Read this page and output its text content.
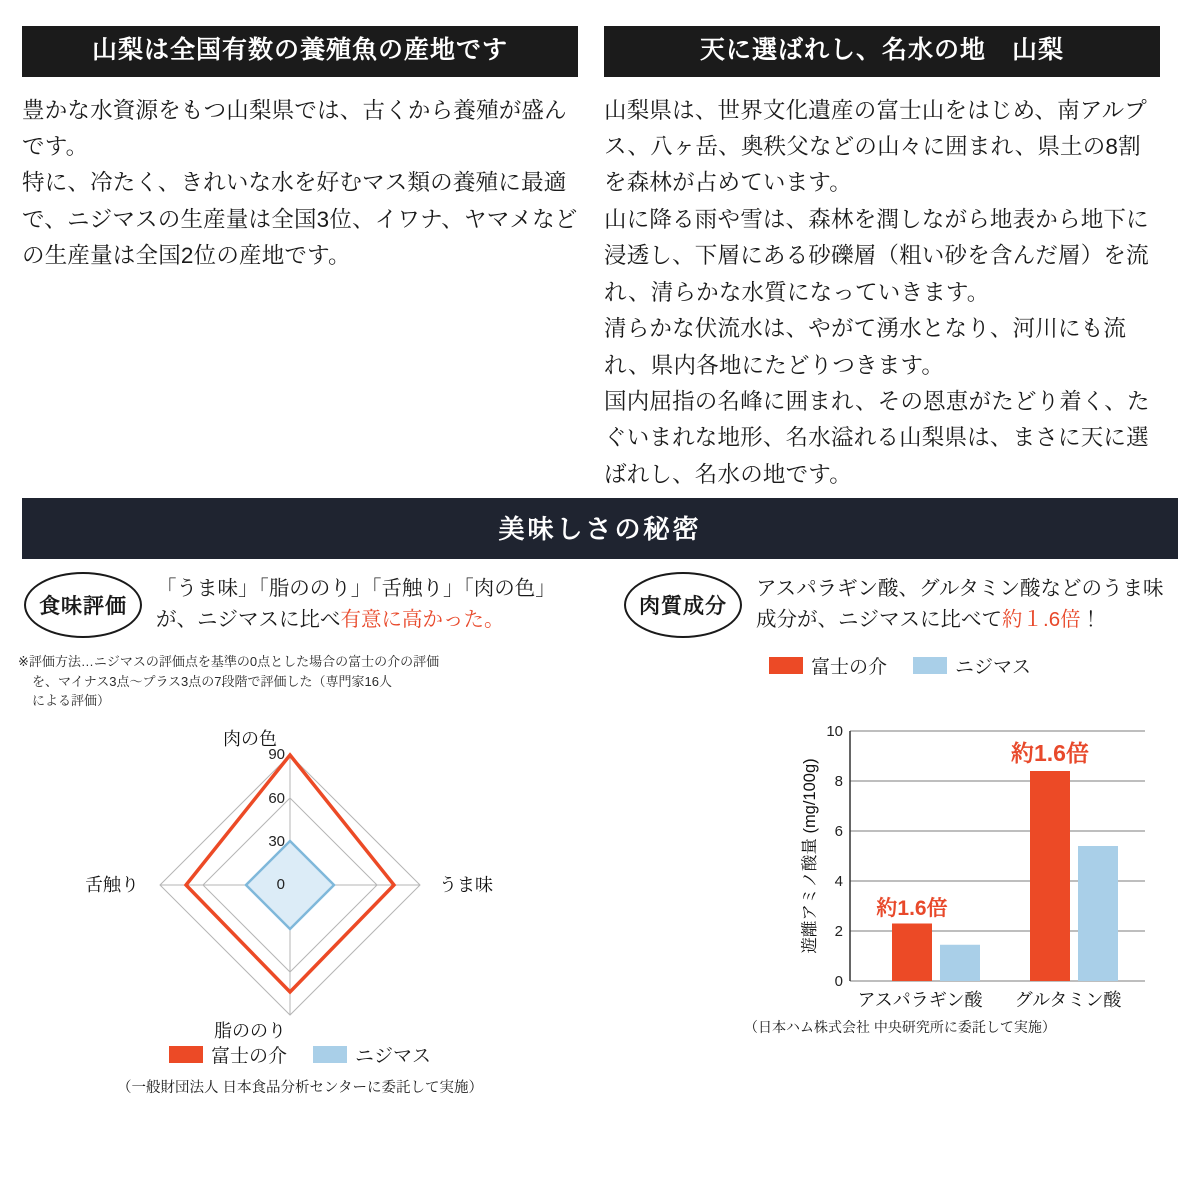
山梨は全国有数の養殖魚の産地です

豊かな水資源をもつ山梨県では、古くから養殖が盛んです。

特に、冷たく、きれいな水を好むマス類の養殖に最適で、ニジマスの生産量は全国3位、イワナ、ヤマメなどの生産量は全国2位の産地です。

天に選ばれし、名水の地　山梨

山梨県は、世界文化遺産の富士山をはじめ、南アルプス、八ヶ岳、奥秩父などの山々に囲まれ、県土の8割を森林が占めています。

山に降る雨や雪は、森林を潤しながら地表から地下に浸透し、下層にある砂礫層（粗い砂を含んだ層）を流れ、清らかな水質になっていきます。

清らかな伏流水は、やがて湧水となり、河川にも流れ、県内各地にたどりつきます。

国内屈指の名峰に囲まれ、その恩恵がたどり着く、たぐいまれな地形、名水溢れる山梨県は、まさに天に選ばれし、名水の地です。

美味しさの秘密
食味評価
「うま味」「脂ののり」「舌触り」「肉の色」が、ニジマスに比べ有意に高かった。
※評価方法…ニジマスの評価点を基準の0点とした場合の富士の介の評価
を、マイナス3点～プラス3点の7段階で評価した（専門家16人
による評価）
90
60
30
0
肉の色
うま味
脂ののり
舌触り
富士の介	ニジマス
（一般財団法人 日本食品分析センターに委託して実施）
肉質成分
アスパラギン酸、グルタミン酸などのうま味成分が、ニジマスに比べて約１.6倍！
富士の介	ニジマス
0
2
4
6
8
10
遊離アミノ酸量 (mg/100g)	約1.6倍
約1.6倍
アスパラギン酸 グルタミン酸
（日本ハム株式会社 中央研究所に委託して実施）
